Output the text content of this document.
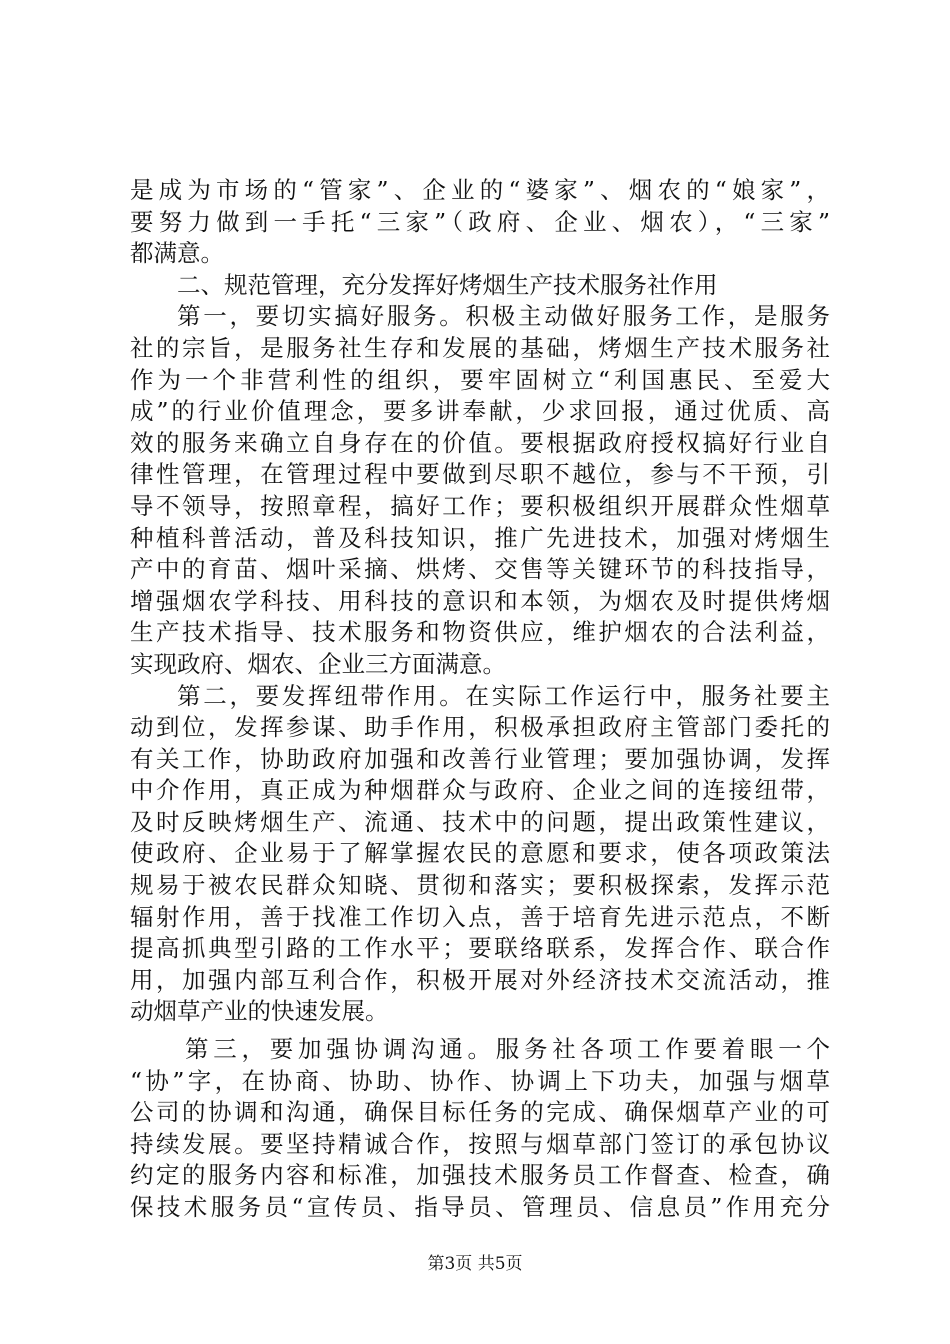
是成为市场的“管家”、企业的“婆家”、烟农的“娘家”，
要努力做到一手托“三家”（政府、企业、烟农），“三家”
都满意。
二、规范管理，充分发挥好烤烟生产技术服务社作用
第一，要切实搞好服务。积极主动做好服务工作，是服务
社的宗旨，是服务社生存和发展的基础，烤烟生产技术服务社
作为一个非营利性的组织，要牢固树立“利国惠民、至爱大
成”的行业价值理念，要多讲奉献，少求回报，通过优质、高
效的服务来确立自身存在的价值。要根据政府授权搞好行业自
律性管理，在管理过程中要做到尽职不越位，参与不干预，引
导不领导，按照章程，搞好工作；要积极组织开展群众性烟草
种植科普活动，普及科技知识，推广先进技术，加强对烤烟生
产中的育苗、烟叶采摘、烘烤、交售等关键环节的科技指导，
增强烟农学科技、用科技的意识和本领，为烟农及时提供烤烟
生产技术指导、技术服务和物资供应，维护烟农的合法利益，
实现政府、烟农、企业三方面满意。
第二，要发挥纽带作用。在实际工作运行中，服务社要主
动到位，发挥参谋、助手作用，积极承担政府主管部门委托的
有关工作，协助政府加强和改善行业管理；要加强协调，发挥
中介作用，真正成为种烟群众与政府、企业之间的连接纽带，
及时反映烤烟生产、流通、技术中的问题，提出政策性建议，
使政府、企业易于了解掌握农民的意愿和要求，使各项政策法
规易于被农民群众知晓、贯彻和落实；要积极探索，发挥示范
辐射作用，善于找准工作切入点，善于培育先进示范点，不断
提高抓典型引路的工作水平；要联络联系，发挥合作、联合作
用，加强内部互利合作，积极开展对外经济技术交流活动，推
动烟草产业的快速发展。
第三，要加强协调沟通。服务社各项工作要着眼一个
“协”字，在协商、协助、协作、协调上下功夫，加强与烟草
公司的协调和沟通，确保目标任务的完成、确保烟草产业的可
持续发展。要坚持精诚合作，按照与烟草部门签订的承包协议
约定的服务内容和标准，加强技术服务员工作督查、检查，确
保技术服务员“宣传员、指导员、管理员、信息员”作用充分
第3页 共5页
